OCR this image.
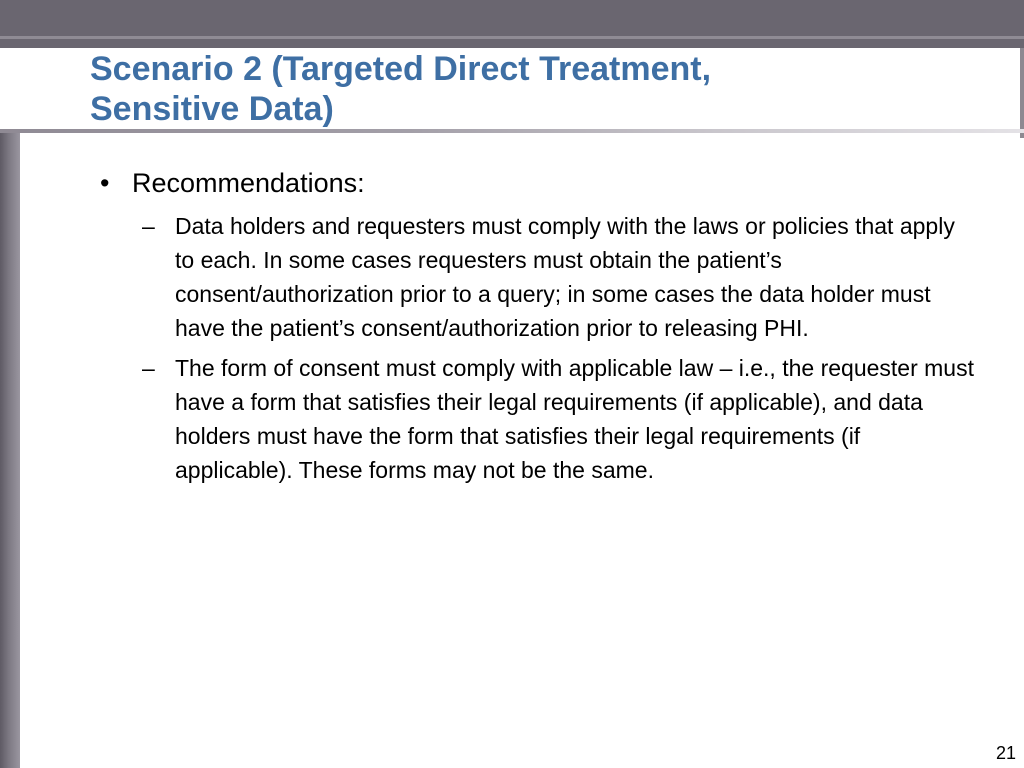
Scenario 2 (Targeted Direct Treatment,
Sensitive Data)
• Recommendations:
– Data holders and requesters must comply with the laws or policies that apply to each. In some cases requesters must obtain the patient’s consent/authorization prior to a query; in some cases the data holder must have the patient’s consent/authorization prior to releasing PHI.
– The form of consent must comply with applicable law – i.e., the requester must have a form that satisfies their legal requirements (if applicable), and data holders must have the form that satisfies their legal requirements (if applicable). These forms may not be the same.
21
